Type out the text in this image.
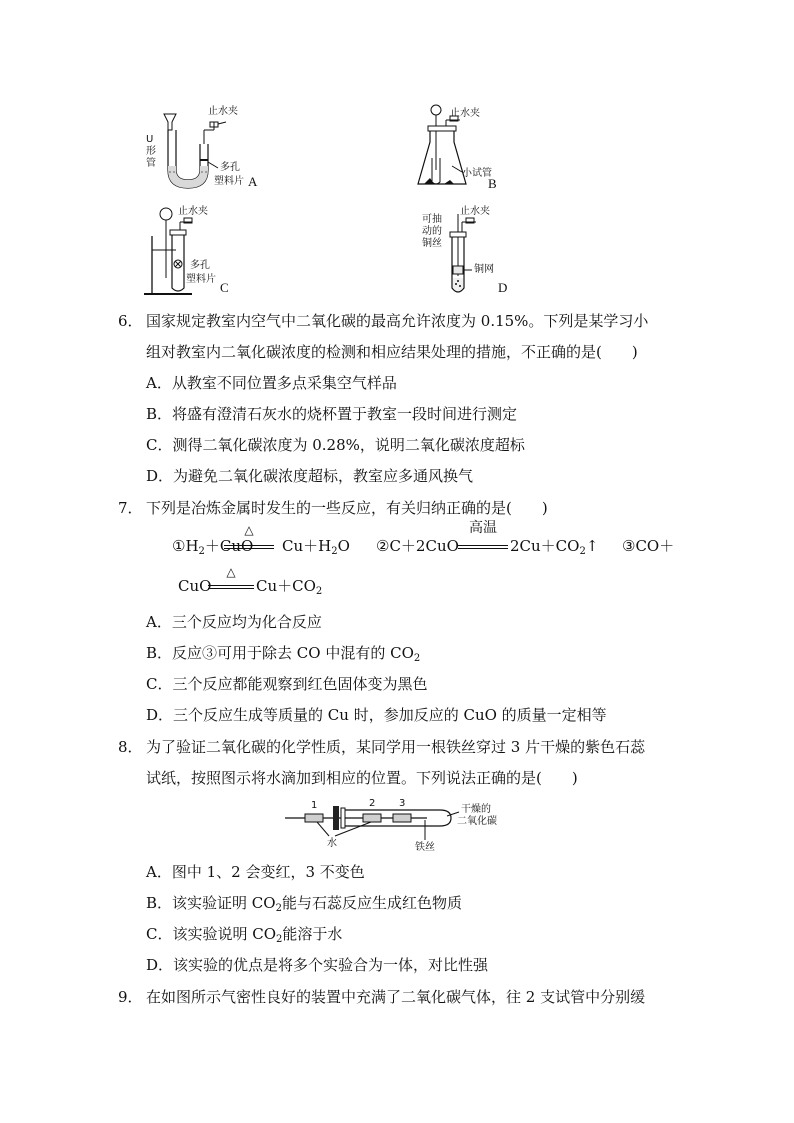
U
形
管
止水夹
多孔
塑料片 A
止水夹
小试管
B
止水夹
多孔
塑料片
C
可抽
动的
铜丝
止水夹
铜网
D
6． 国家规定教室内空气中二氧化碳的最高允许浓度为 0.15%。下列是某学习小
组对教室内二氧化碳浓度的检测和相应结果处理的措施，不正确的是(　　)
A．从教室不同位置多点采集空气样品
B．将盛有澄清石灰水的烧杯置于教室一段时间进行测定
C．测得二氧化碳浓度为 0.28%，说明二氧化碳浓度超标
D．为避免二氧化碳浓度超标，教室应多通风换气
7． 下列是冶炼金属时发生的一些反应，有关归纳正确的是(　　)
$①H_2+CuO$
△
$Cu+H_2O$ ②C＋2CuO
高温
$2Cu+CO_2↑$ ③CO＋
CuO
△
$Cu+CO_2$
A．三个反应均为化合反应
B．反应③可用于除去 CO 中混有的 $CO_2$
C．三个反应都能观察到红色固体变为黑色
D．三个反应生成等质量的 Cu 时，参加反应的 CuO 的质量一定相等
8． 为了验证二氧化碳的化学性质，某同学用一根铁丝穿过 3 片干燥的紫色石蕊
试纸，按照图示将水滴加到相应的位置。下列说法正确的是(　　)
1	2 3
水	铁丝
干燥的
二氧化碳
A．图中 1、2 会变红，3 不变色
B．该实验证明 $CO_2$能与石蕊反应生成红色物质
C．该实验说明 $CO_2$能溶于水
D．该实验的优点是将多个实验合为一体，对比性强
9． 在如图所示气密性良好的装置中充满了二氧化碳气体，往 2 支试管中分别缓
